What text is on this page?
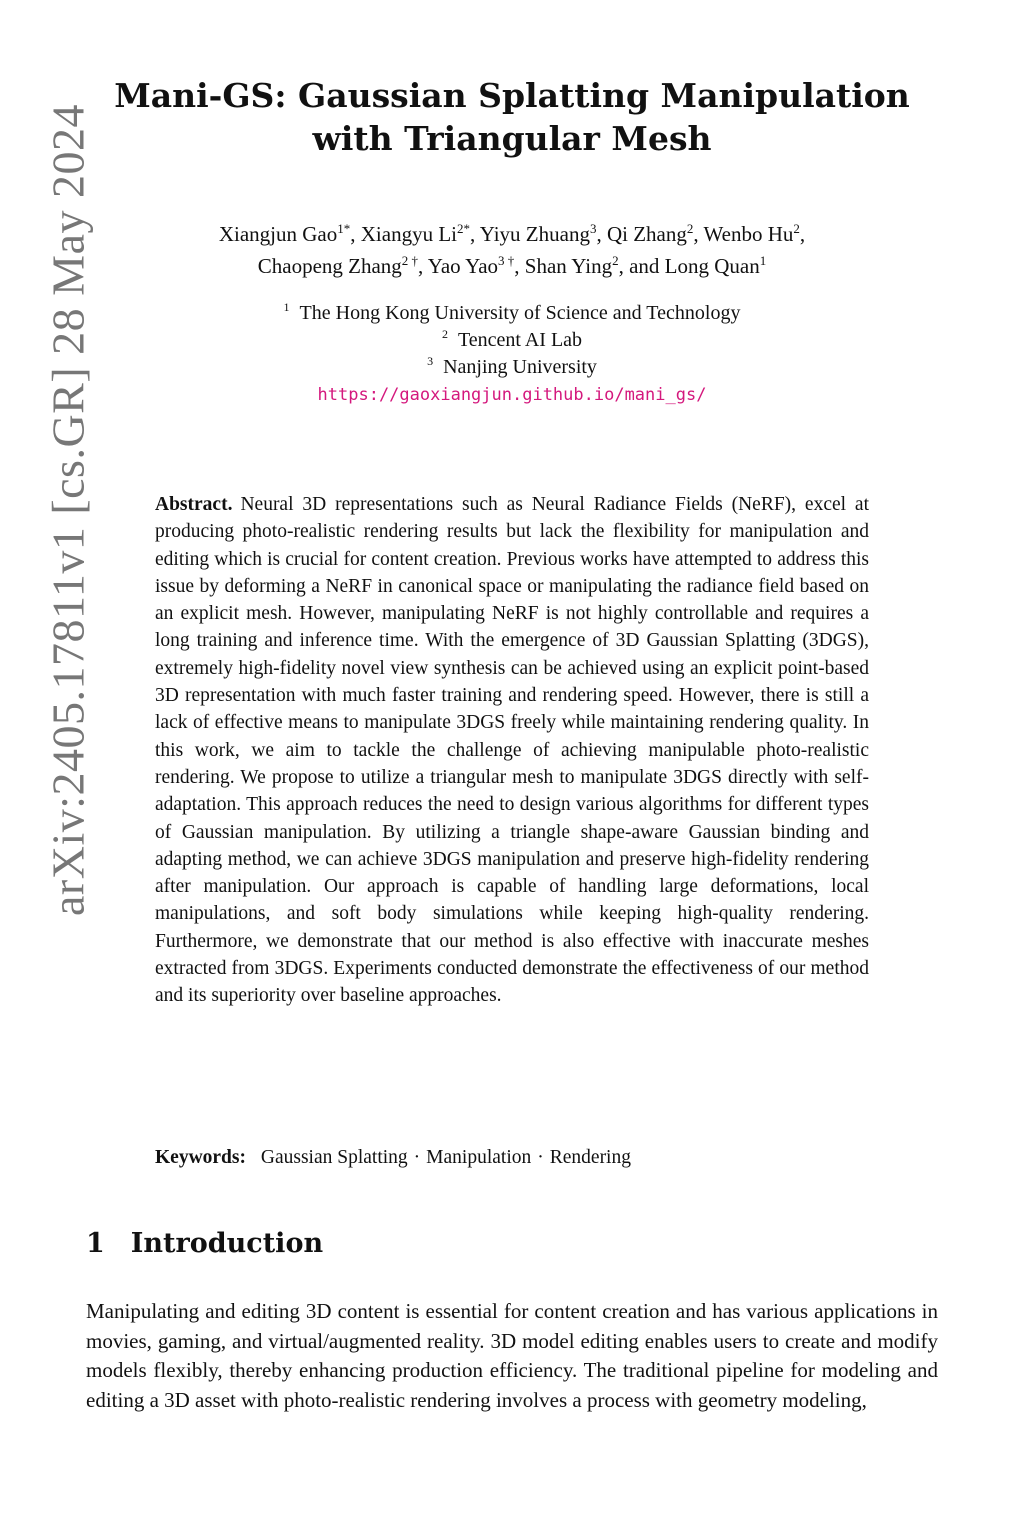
arXiv:2405.17811v1 [cs.GR] 28 May 2024
Mani-GS: Gaussian Splatting Manipulation with Triangular Mesh
Xiangjun Gao$^{1*}$, Xiangyu $Li^{2*}$, Yiyu Zhuang$^3$, Qi Zhang$^2$, Wenbo Hu$^2$,
Chaopeng Zhang$^{2 \dagger}$, Yao Yao$^{3 \dagger}$, Shan Ying$^2$, and Long Quan$^1$
$^1$ The Hong Kong University of Science and Technology
$^2$ Tencent AI Lab
$^3$ Nanjing University
https://gaoxiangjun.github.io/mani_gs/
Abstract. Neural 3D representations such as Neural Radiance Fields (NeRF), excel at producing photo-realistic rendering results but lack the flexibility for manipulation and editing which is crucial for content creation. Previous works have attempted to address this issue by deforming a NeRF in canonical space or manipulating the radiance field based on an explicit mesh. However, manipulating NeRF is not highly controllable and requires a long training and inference time. With the emergence of 3D Gaussian Splatting (3DGS), extremely high-fidelity novel view synthesis can be achieved using an explicit point-based 3D representation with much faster training and rendering speed. However, there is still a lack of effective means to manipulate 3DGS freely while maintaining rendering quality. In this work, we aim to tackle the challenge of achieving manipulable photo-realistic rendering. We propose to utilize a triangular mesh to manipulate 3DGS directly with self-adaptation. This approach reduces the need to design various algorithms for different types of Gaussian manipulation. By utilizing a triangle shape-aware Gaussian binding and adapting method, we can achieve 3DGS manipulation and preserve high-fidelity rendering after manipulation. Our approach is capable of handling large deformations, local manipulations, and soft body simulations while keeping high-quality rendering. Furthermore, we demonstrate that our method is also effective with inaccurate meshes extracted from 3DGS. Experiments conducted demonstrate the effectiveness of our method and its superiority over baseline approaches.
Keywords: Gaussian Splatting · Manipulation · Rendering
1 Introduction
Manipulating and editing 3D content is essential for content creation and has various applications in movies, gaming, and virtual/augmented reality. 3D model editing enables users to create and modify models flexibly, thereby enhancing production efficiency. The traditional pipeline for modeling and editing a 3D asset with photo-realistic rendering involves a process with geometry modeling,
